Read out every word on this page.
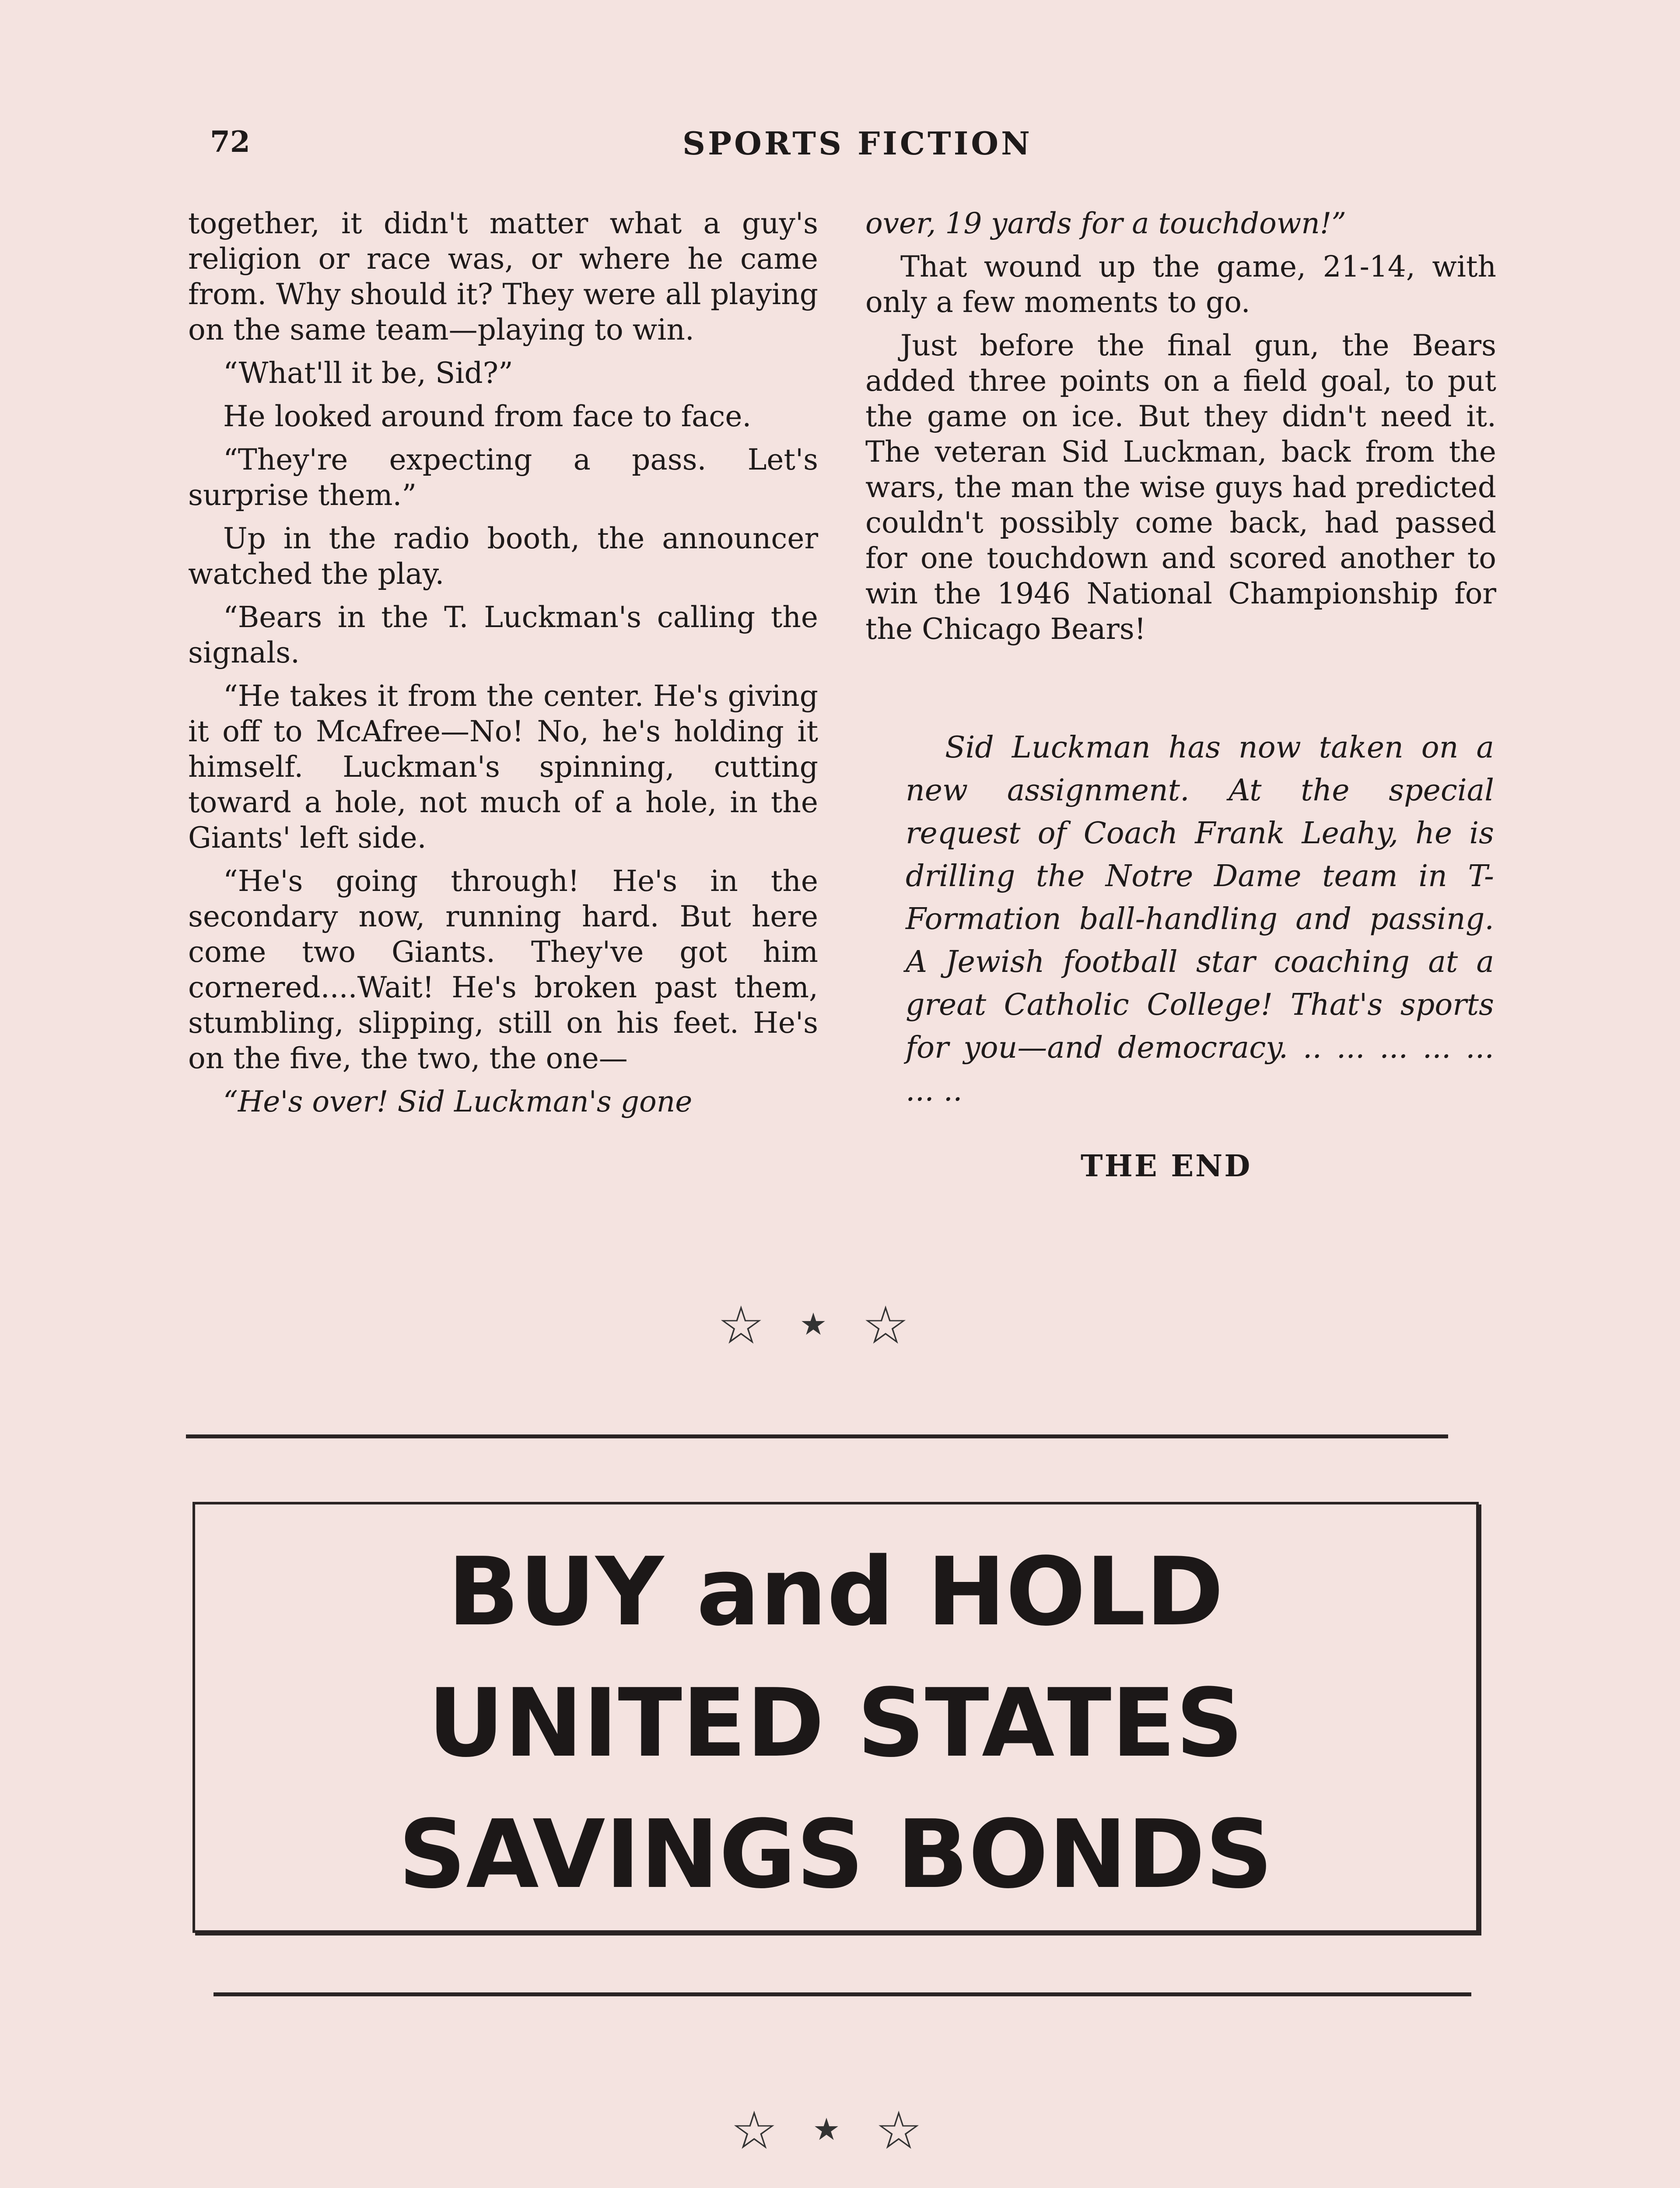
72	SPORTS FICTION

together, it didn't matter what a guy's religion or race was, or where he came from. Why should it? They were all playing on the same team—playing to win.

“What'll it be, Sid?”

He looked around from face to face.

“They're expecting a pass. Let's surprise them.”

Up in the radio booth, the announcer watched the play.

“Bears in the T. Luckman's calling the signals.

“He takes it from the center. He's giving it off to McAfree—No! No, he's holding it himself. Luckman's spinning, cutting toward a hole, not much of a hole, in the Giants' left side.

“He's going through! He's in the secondary now, running hard. But here come two Giants. They've got him cornered....Wait! He's broken past them, stumbling, slipping, still on his feet. He's on the five, the two, the one—

“He's over! Sid Luckman's gone

over, 19 yards for a touchdown!”

That wound up the game, 21-14, with only a few moments to go.

Just before the final gun, the Bears added three points on a field goal, to put the game on ice. But they didn't need it. The veteran Sid Luckman, back from the wars, the man the wise guys had predicted couldn't possibly come back, had passed for one touchdown and scored another to win the 1946 National Championship for the Chicago Bears!

Sid Luckman has now taken on a new assignment. At the special request of Coach Frank Leahy, he is drilling the Notre Dame team in T-Formation ball-handling and passing. A Jewish football star coaching at a great Catholic College! That's sports for you—and democracy. .. ... ... ... ... ... ..

THE END
☆★☆
BUY and HOLD
UNITED STATES
SAVINGS BONDS
☆★☆
